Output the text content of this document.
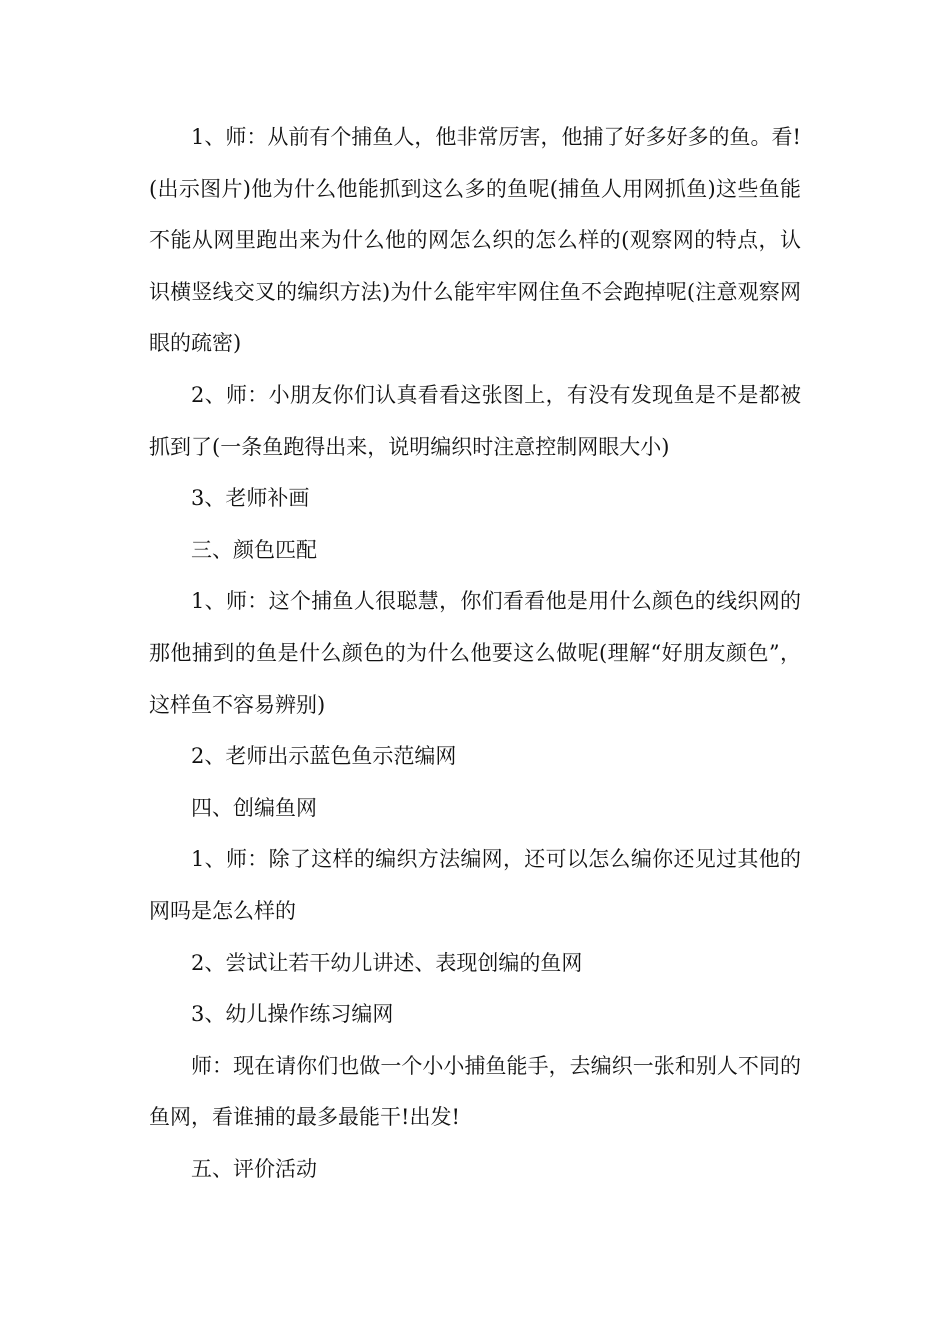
1、师：从前有个捕鱼人，他非常厉害，他捕了好多好多的鱼。看!(出示图片)他为什么他能抓到这么多的鱼呢(捕鱼人用网抓鱼)这些鱼能不能从网里跑出来为什么他的网怎么织的怎么样的(观察网的特点，认识横竖线交叉的编织方法)为什么能牢牢网住鱼不会跑掉呢(注意观察网眼的疏密)

2、师：小朋友你们认真看看这张图上，有没有发现鱼是不是都被抓到了(一条鱼跑得出来，说明编织时注意控制网眼大小)

3、老师补画

三、颜色匹配

1、师：这个捕鱼人很聪慧，你们看看他是用什么颜色的线织网的那他捕到的鱼是什么颜色的为什么他要这么做呢(理解“好朋友颜色”，这样鱼不容易辨别)

2、老师出示蓝色鱼示范编网

四、创编鱼网

1、师：除了这样的编织方法编网，还可以怎么编你还见过其他的网吗是怎么样的

2、尝试让若干幼儿讲述、表现创编的鱼网

3、幼儿操作练习编网

师：现在请你们也做一个小小捕鱼能手，去编织一张和别人不同的鱼网，看谁捕的最多最能干!出发!

五、评价活动
